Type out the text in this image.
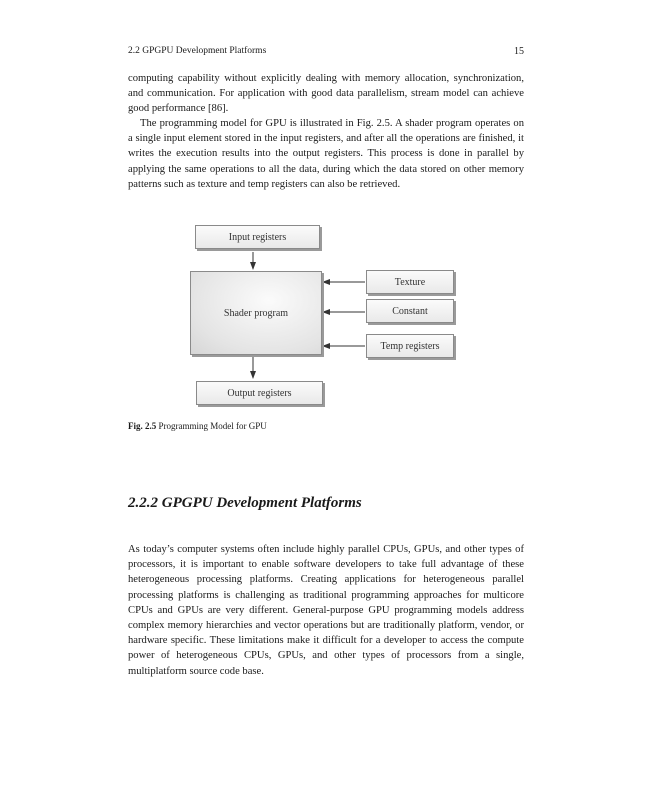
2.2 GPGPU Development Platforms	15

computing capability without explicitly dealing with memory allocation, synchronization, and communication. For application with good data parallelism, stream model can achieve good performance [86].

The programming model for GPU is illustrated in Fig. 2.5. A shader program operates on a single input element stored in the input registers, and after all the operations are finished, it writes the execution results into the output registers. This process is done in parallel by applying the same operations to all the data, during which the data stored on other memory patterns such as texture and temp registers can also be retrieved.

Input registers
Shader program
Output registers
Texture
Constant
Temp registers
Fig. 2.5 Programming Model for GPU
2.2.2 GPGPU Development Platforms

As today’s computer systems often include highly parallel CPUs, GPUs, and other types of processors, it is important to enable software developers to take full advantage of these heterogeneous processing platforms. Creating applications for heterogeneous parallel processing platforms is challenging as traditional programming approaches for multicore CPUs and GPUs are very different. General-purpose GPU programming models address complex memory hierarchies and vector operations but are traditionally platform, vendor, or hardware specific. These limitations make it difficult for a developer to access the compute power of heterogeneous CPUs, GPUs, and other types of processors from a single, multiplatform source code base.
